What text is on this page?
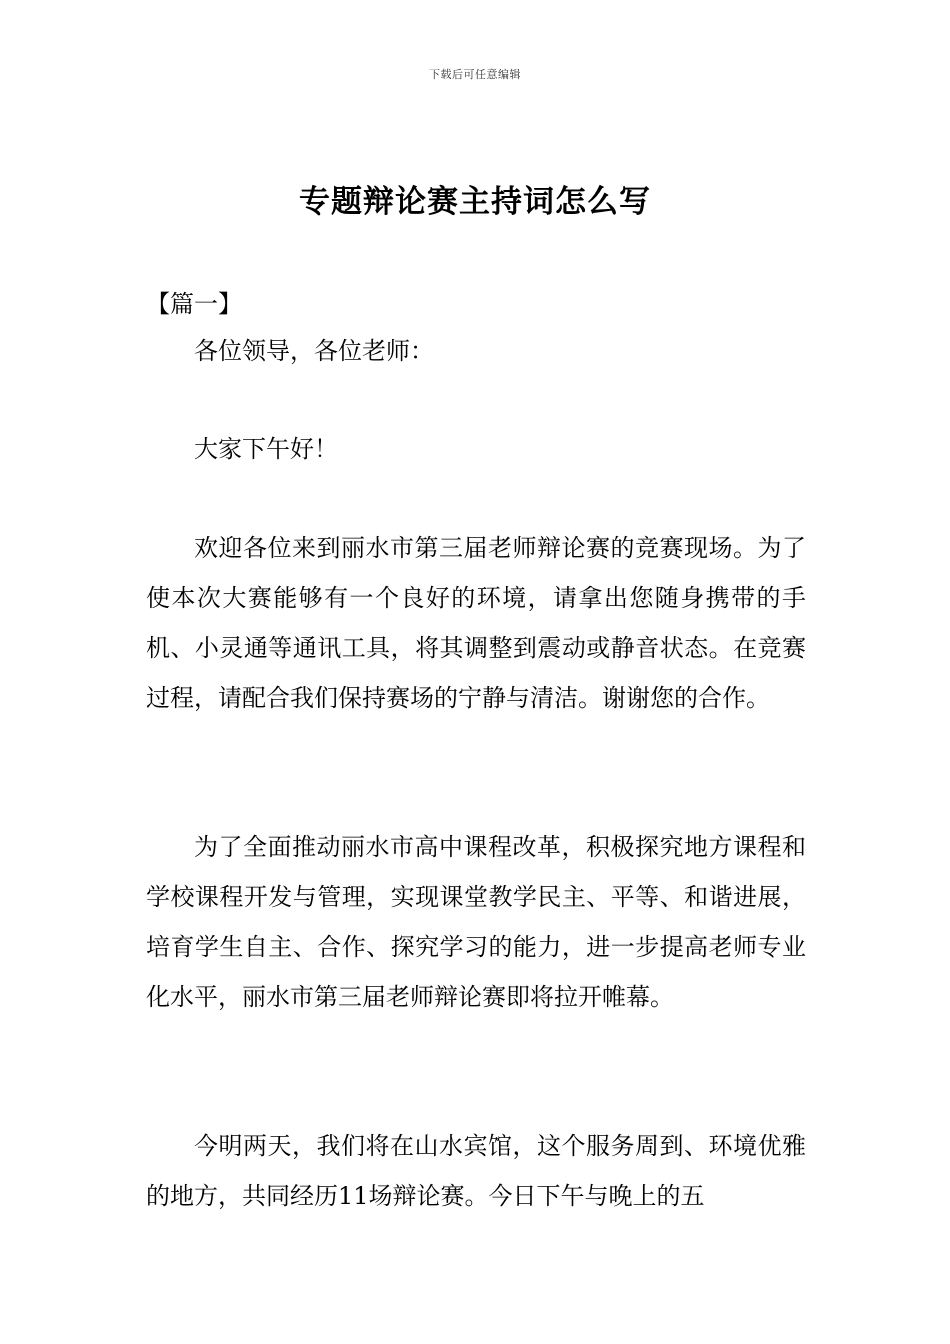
下载后可任意编辑
专题辩论赛主持词怎么写
【篇一】

各位领导，各位老师：

大家下午好！

欢迎各位来到丽水市第三届老师辩论赛的竞赛现场。为了使本次大赛能够有一个良好的环境，请拿出您随身携带的手机、小灵通等通讯工具，将其调整到震动或静音状态。在竞赛过程，请配合我们保持赛场的宁静与清洁。谢谢您的合作。

为了全面推动丽水市高中课程改革，积极探究地方课程和学校课程开发与管理，实现课堂教学民主、平等、和谐进展，培育学生自主、合作、探究学习的能力，进一步提高老师专业化水平，丽水市第三届老师辩论赛即将拉开帷幕。

今明两天，我们将在山水宾馆，这个服务周到、环境优雅的地方，共同经历11场辩论赛。今日下午与晚上的五
